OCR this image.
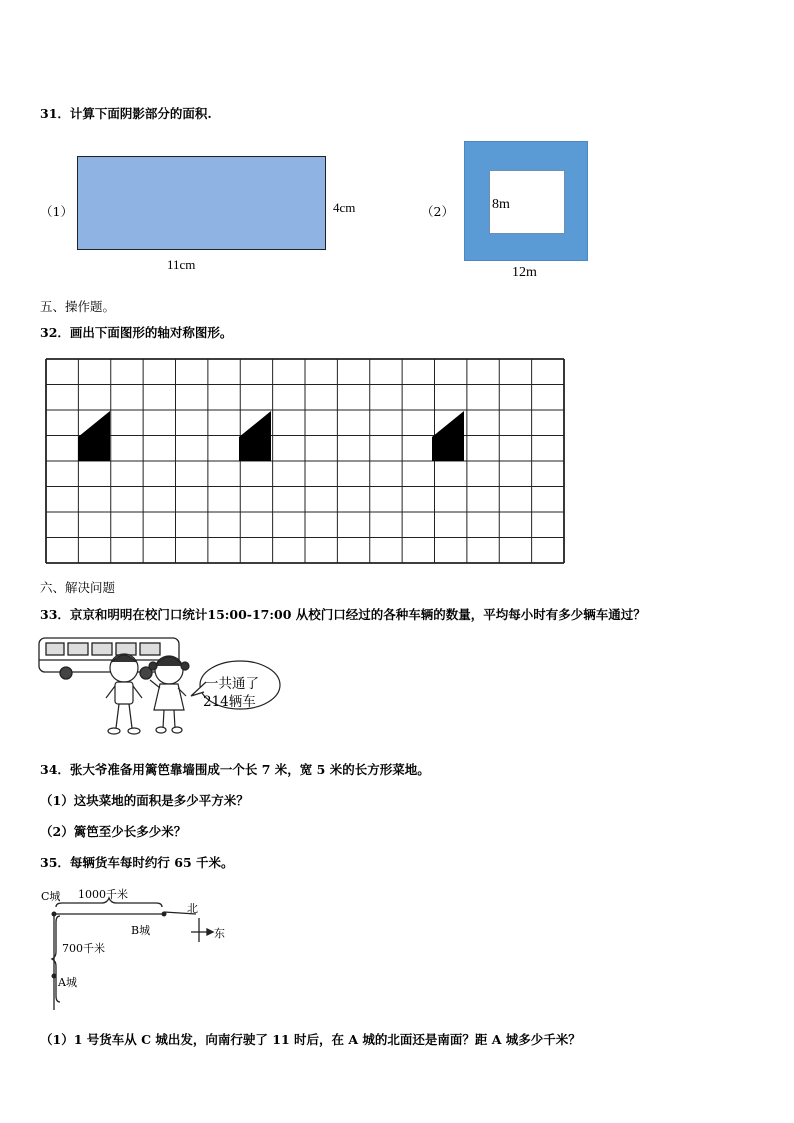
31．计算下面阴影部分的面积.
（1）	4cm
11cm
（2）	8m
12m
五、操作题。
32．画出下面图形的轴对称图形。
六、解决问题
33．京京和明明在校门口统计15:00-17:00 从校门口经过的各种车辆的数量，平均每小时有多少辆车通过？
一共通了
214辆车
34．张大爷准备用篱笆靠墙围成一个长 7 米，宽 5 米的长方形菜地。
（1）这块菜地的面积是多少平方米？
（2）篱笆至少长多少米？
35．每辆货车每时约行 65 千米。
C城 1000千米
B城
700千米
A城
北
东
（1）1 号货车从 C 城出发，向南行驶了 11 时后，在 A 城的北面还是南面？距 A 城多少千米？
